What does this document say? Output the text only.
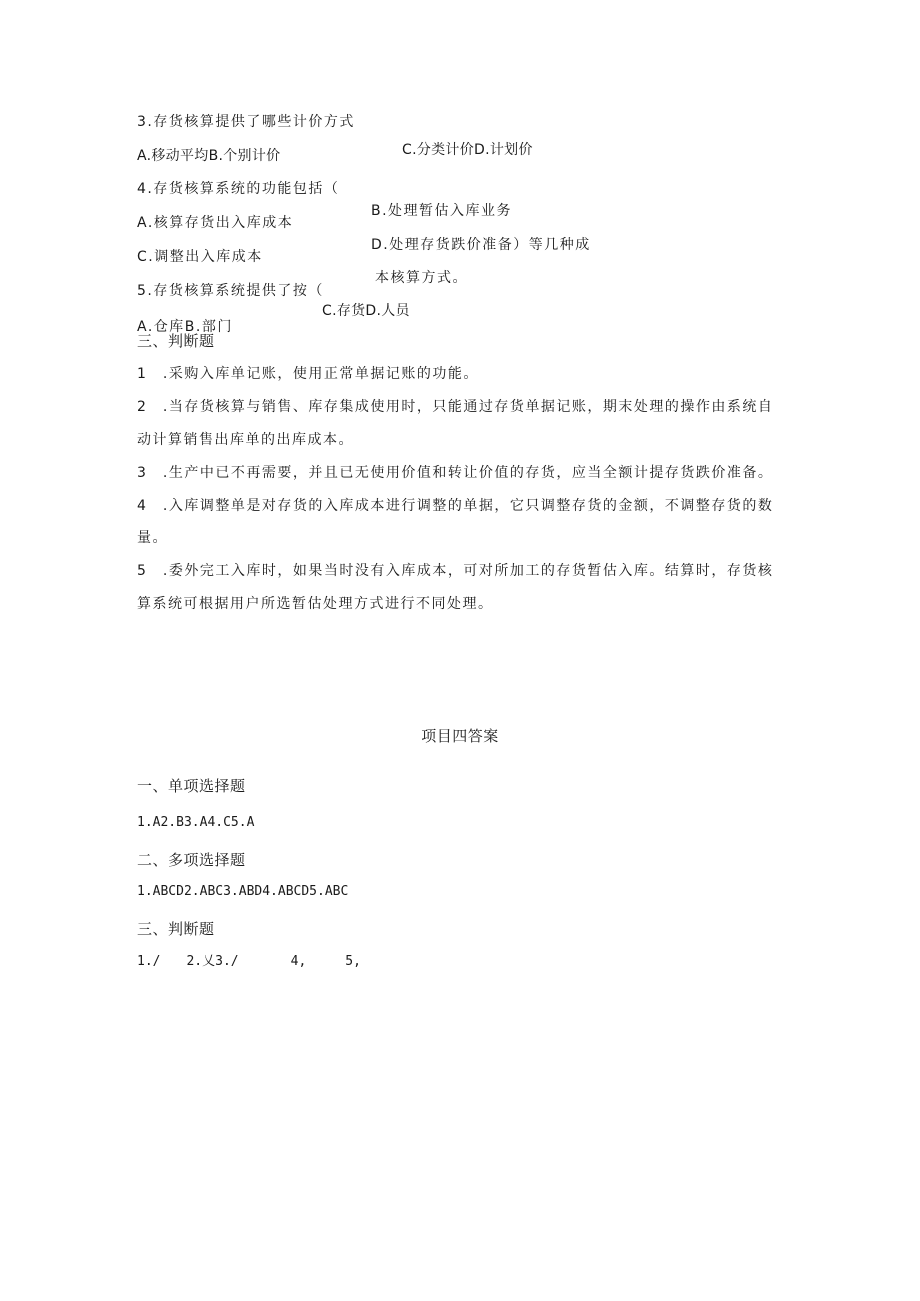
3.存货核算提供了哪些计价方式
A.移动平均B.个别计价	C.分类计价D.计划价
4.存货核算系统的功能包括（
A.核算存货出入库成本
B.处理暂估入库业务
C.调整出入库成本
D.处理存货跌价准备）等几种成
本核算方式。
5.存货核算系统提供了按（
C.存货D.人员
A.仓库B.部门
三、判断题
1　.采购入库单记账，使用正常单据记账的功能。
2　.当存货核算与销售、库存集成使用时，只能通过存货单据记账，期末处理的操作由系统自
动计算销售出库单的出库成本。
3　.生产中已不再需要，并且已无使用价值和转让价值的存货，应当全额计提存货跌价准备。
4　.入库调整单是对存货的入库成本进行调整的单据，它只调整存货的金额，不调整存货的数
量。
5　.委外完工入库时，如果当时没有入库成本，可对所加工的存货暂估入库。结算时，存货核
算系统可根据用户所选暂估处理方式进行不同处理。
项目四答案
一、单项选择题
1.A2.B3.A4.C5.A
二、多项选择题
1.ABCD2.ABC3.ABD4.ABCD5.ABC
三、判断题
1./　　2.乂3./　　　　4,　　　5,
